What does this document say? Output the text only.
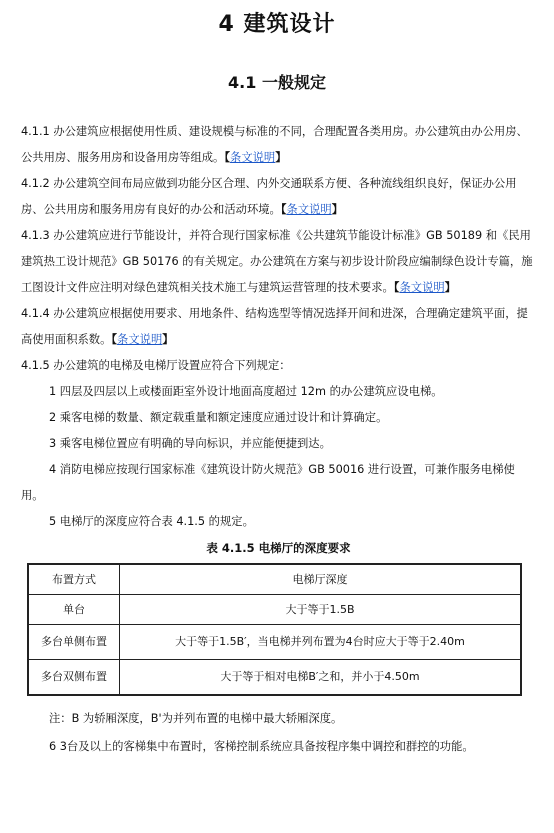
4 建筑设计
4.1 一般规定

4.1.1 办公建筑应根据使用性质、建设规模与标准的不同，合理配置各类用房。办公建筑由办公用房、公共用房、服务用房和设备用房等组成。【条文说明】

4.1.2 办公建筑空间布局应做到功能分区合理、内外交通联系方便、各种流线组织良好，保证办公用房、公共用房和服务用房有良好的办公和活动环境。【条文说明】

4.1.3 办公建筑应进行节能设计，并符合现行国家标准《公共建筑节能设计标准》GB 50189 和《民用建筑热工设计规范》GB 50176 的有关规定。办公建筑在方案与初步设计阶段应编制绿色设计专篇，施工图设计文件应注明对绿色建筑相关技术施工与建筑运营管理的技术要求。【条文说明】

4.1.4 办公建筑应根据使用要求、用地条件、结构选型等情况选择开间和进深，合理确定建筑平面，提高使用面积系数。【条文说明】

4.1.5 办公建筑的电梯及电梯厅设置应符合下列规定：

1 四层及四层以上或楼面距室外设计地面高度超过 12m 的办公建筑应设电梯。

2 乘客电梯的数量、额定载重量和额定速度应通过设计和计算确定。

3 乘客电梯位置应有明确的导向标识，并应能便捷到达。

4 消防电梯应按现行国家标准《建筑设计防火规范》GB 50016 进行设置，可兼作服务电梯使用。

5 电梯厅的深度应符合表 4.1.5 的规定。

表 4.1.5 电梯厅的深度要求

布置方式	电梯厅深度
单台	大于等于1.5B
多台单侧布置	大于等于1.5B′，当电梯并列布置为4台时应大于等于2.40m
多台双侧布置	大于等于相对电梯B′之和，并小于4.50m

注：B 为轿厢深度，B'为并列布置的电梯中最大轿厢深度。

6 3台及以上的客梯集中布置时，客梯控制系统应具备按程序集中调控和群控的功能。
